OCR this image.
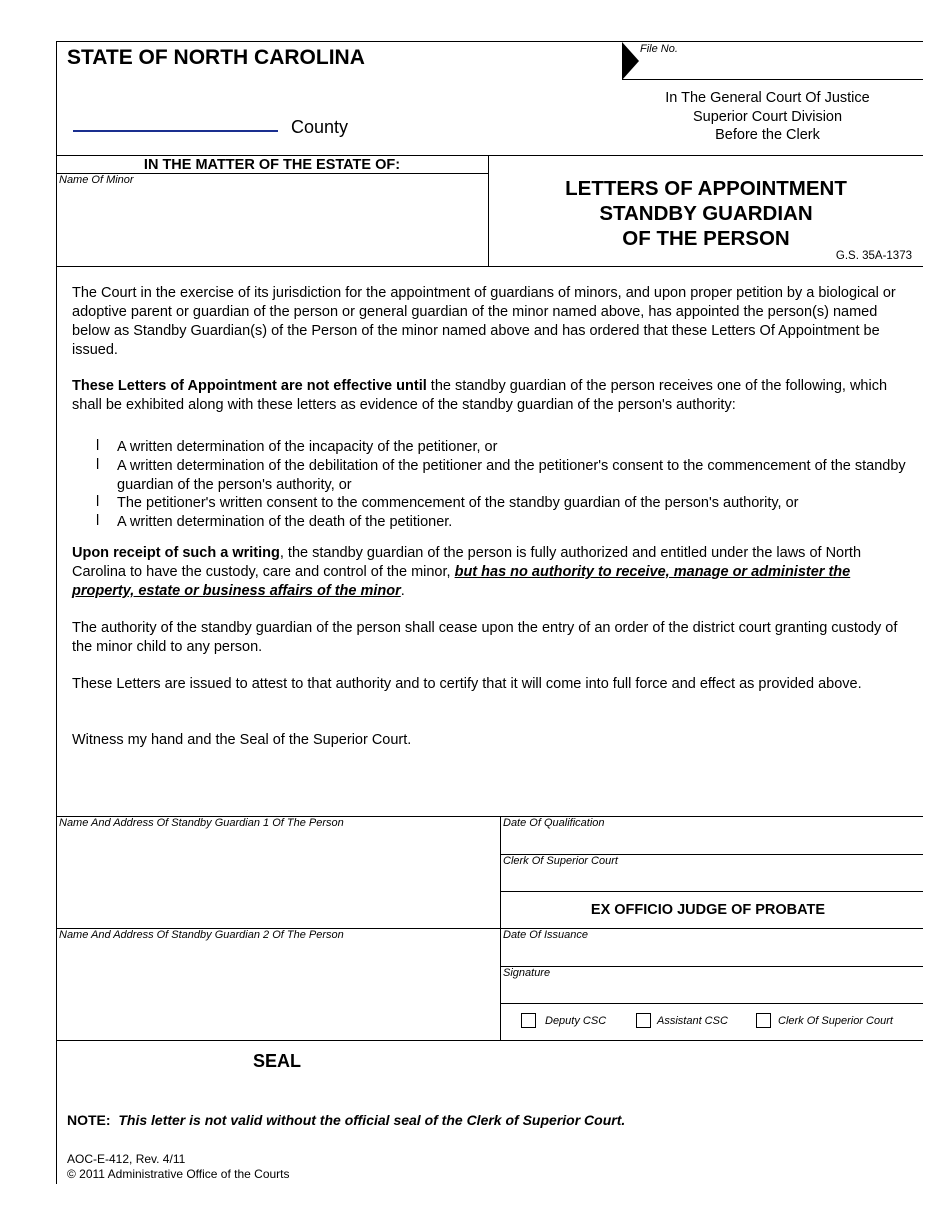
STATE OF NORTH CAROLINA	File No.
In The General Court Of Justice
Superior Court Division
Before the Clerk
County
IN THE MATTER OF THE ESTATE OF:
Name Of Minor	LETTERS OF APPOINTMENT
STANDBY GUARDIAN
OF THE PERSON
G.S. 35A-1373
The Court in the exercise of its jurisdiction for the appointment of guardians of minors, and upon proper petition by a biological or adoptive parent or guardian of the person or general guardian of the minor named above, has appointed the person(s) named below as Standby Guardian(s) of the Person of the minor named above and has ordered that these Letters Of Appointment be issued.
These Letters of Appointment are not effective until the standby guardian of the person receives one of the following, which shall be exhibited along with these letters as evidence of the standby guardian of the person's authority:
l A written determination of the incapacity of the petitioner, or
l A written determination of the debilitation of the petitioner and the petitioner's consent to the commencement of the standby guardian of the person's authority, or
l The petitioner's written consent to the commencement of the standby guardian of the person's authority, or
l A written determination of the death of the petitioner.
Upon receipt of such a writing, the standby guardian of the person is fully authorized and entitled under the laws of North Carolina to have the custody, care and control of the minor, but has no authority to receive, manage or administer the property, estate or business affairs of the minor.
The authority of the standby guardian of the person shall cease upon the entry of an order of the district court granting custody of the minor child to any person.
These Letters are issued to attest to that authority and to certify that it will come into full force and effect as provided above.
Witness my hand and the Seal of the Superior Court.
Name And Address Of Standby Guardian 1 Of The Person
Name And Address Of Standby Guardian 2 Of The Person
Date Of Qualification
Clerk Of Superior Court
EX OFFICIO JUDGE OF PROBATE
Date Of Issuance
Signature
Deputy CSC	Assistant CSC	Clerk Of Superior Court
SEAL
NOTE: This letter is not valid without the official seal of the Clerk of Superior Court.
AOC-E-412, Rev. 4/11
© 2011 Administrative Office of the Courts
